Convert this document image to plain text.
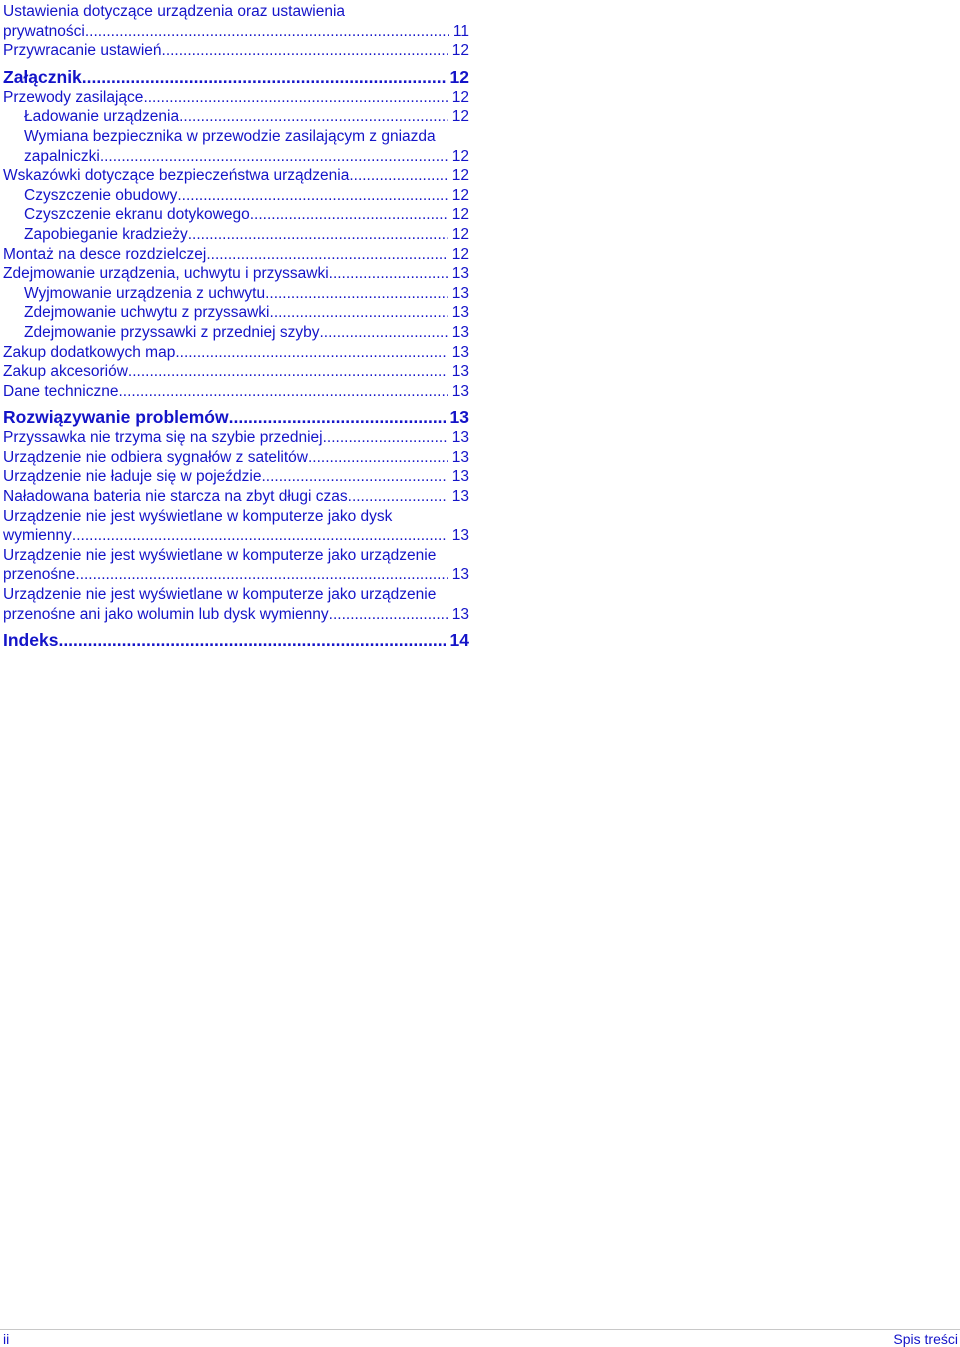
Ustawienia dotyczące urządzenia oraz ustawienia
prywatności .....	11
Przywracanie ustawień .....	12
Załącznik .....	12
Przewody zasilające .....	12
Ładowanie urządzenia .....	12
Wymiana bezpiecznika w przewodzie zasilającym z gniazda
zapalniczki .....	12
Wskazówki dotyczące bezpieczeństwa urządzenia .....	12
Czyszczenie obudowy .....	12
Czyszczenie ekranu dotykowego .....	12
Zapobieganie kradzieży .....	12
Montaż na desce rozdzielczej .....	12
Zdejmowanie urządzenia, uchwytu i przyssawki .....	13
Wyjmowanie urządzenia z uchwytu .....	13
Zdejmowanie uchwytu z przyssawki .....	13
Zdejmowanie przyssawki z przedniej szyby .....	13
Zakup dodatkowych map .....	13
Zakup akcesoriów .....	13
Dane techniczne .....	13
Rozwiązywanie problemów .....	13
Przyssawka nie trzyma się na szybie przedniej .....	13
Urządzenie nie odbiera sygnałów z satelitów .....	13
Urządzenie nie ładuje się w pojeździe .....	13
Naładowana bateria nie starcza na zbyt długi czas .....	13
Urządzenie nie jest wyświetlane w komputerze jako dysk
wymienny .....	13
Urządzenie nie jest wyświetlane w komputerze jako urządzenie
przenośne .....	13
Urządzenie nie jest wyświetlane w komputerze jako urządzenie
przenośne ani jako wolumin lub dysk wymienny .....	13
Indeks .....	14
ii	Spis treści
